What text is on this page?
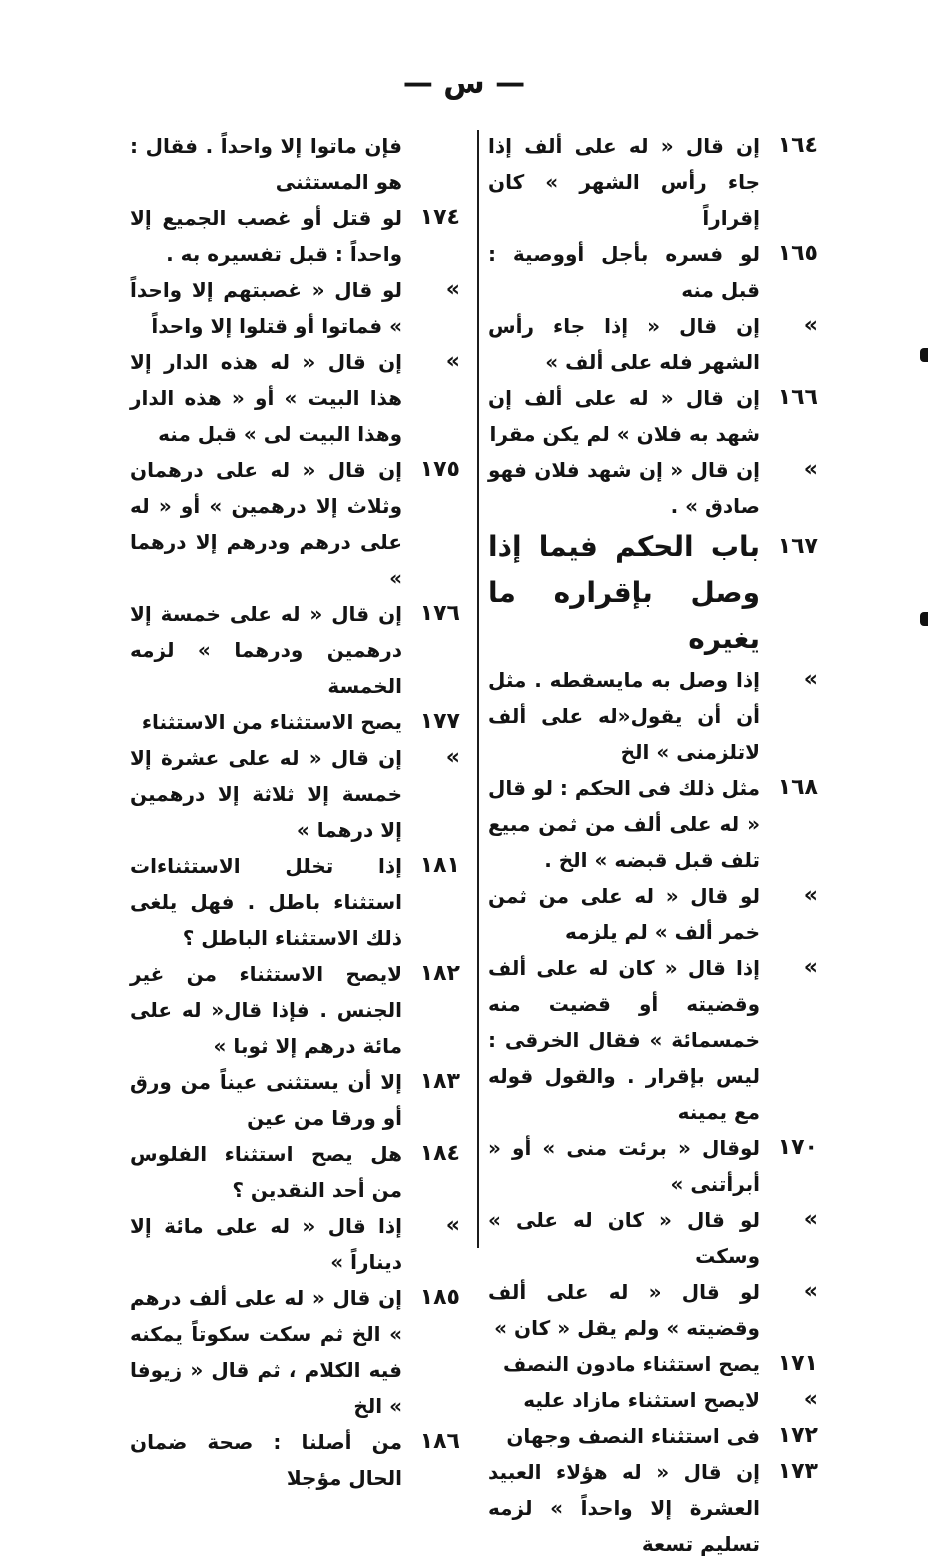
— س —
١٦٤
إن قال « له على ألف إذا جاء رأس الشهر » كان إقراراً
١٦٥
لو فسره بأجل أووصية : قبل منه
«
إن قال « إذا جاء رأس الشهر فله على ألف »
١٦٦
إن قال « له على ألف إن شهد به فلان » لم يكن مقرا
«
إن قال « إن شهد فلان فهو صادق » .
١٦٧
باب الحكم فيما إذا وصل بإقراره ما يغيره
«
إذا وصل به مايسقطه . مثل أن أن يقول«له على ألف لاتلزمنى » الخ
١٦٨
مثل ذلك فى الحكم : لو قال « له على ألف من ثمن مبيع تلف قبل قبضه » الخ .
«
لو قال « له على من ثمن خمر ألف » لم يلزمه
«
إذا قال « كان له على ألف وقضيته أو قضيت منه خمسمائة » فقال الخرقى : ليس بإقرار . والقول قوله مع يمينه
١٧٠
لوقال « برئت منى » أو « أبرأتنى »
«
لو قال « كان له على » وسكت
«
لو قال « له على ألف وقضيته » ولم يقل « كان »
١٧١
يصح استثناء مادون النصف
«
لايصح استثناء مازاد عليه
١٧٢
فى استثناء النصف وجهان
١٧٣
إن قال « له هؤلاء العبيد العشرة إلا واحداً » لزمه تسليم تسعة
فإن ماتوا إلا واحداً . فقال : هو المستثنى
١٧٤
لو قتل أو غصب الجميع إلا واحداً : قبل تفسيره به .
«
لو قال « غصبتهم إلا واحداً » فماتوا أو قتلوا إلا واحداً
«
إن قال « له هذه الدار إلا هذا البيت » أو « هذه الدار وهذا البيت لى » قبل منه
١٧٥
إن قال « له على درهمان وثلاث إلا درهمين » أو « له على درهم ودرهم إلا درهما »
١٧٦
إن قال « له على خمسة إلا درهمين ودرهما » لزمه الخمسة
١٧٧
يصح الاستثناء من الاستثناء
«
إن قال « له على عشرة إلا خمسة إلا ثلاثة إلا درهمين إلا درهما »
١٨١
إذا تخلل الاستثناءات استثناء باطل . فهل يلغى ذلك الاستثناء الباطل ؟
١٨٢
لايصح الاستثناء من غير الجنس . فإذا قال« له على مائة درهم إلا ثوبا »
١٨٣
إلا أن يستثنى عيناً من ورق أو ورقا من عين
١٨٤
هل يصح استثناء الفلوس من أحد النقدين ؟
«
إذا قال « له على مائة إلا ديناراً »
١٨٥
إن قال « له على ألف درهم » الخ ثم سكت سكوتاً يمكنه فيه الكلام ، ثم قال « زيوفا » الخ
١٨٦
من أصلنا : صحة ضمان الحال مؤجلا
